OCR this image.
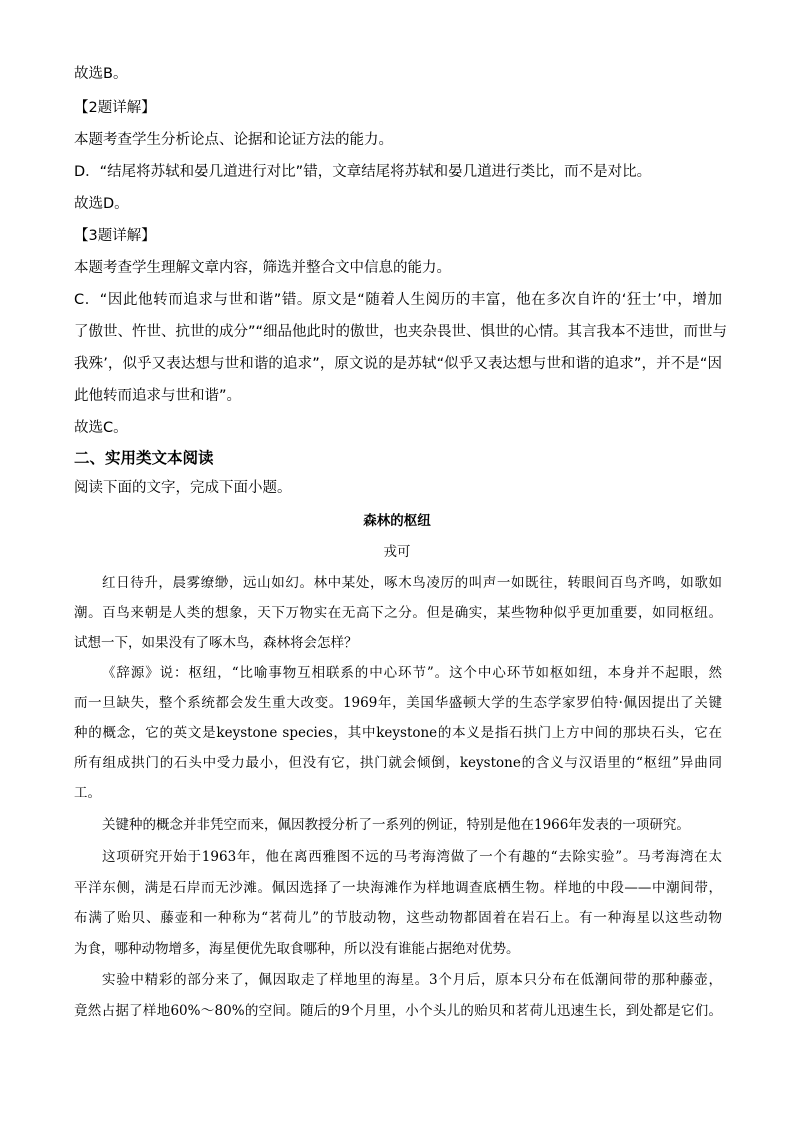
故选B。
【2题详解】
本题考查学生分析论点、论据和论证方法的能力。
D．“结尾将苏轼和晏几道进行对比”错，文章结尾将苏轼和晏几道进行类比，而不是对比。
故选D。
【3题详解】
本题考查学生理解文章内容，筛选并整合文中信息的能力。
C．“因此他转而追求与世和谐”错。原文是“随着人生阅历的丰富，他在多次自许的‘狂士’中，增加
了傲世、忤世、抗世的成分”“细品他此时的傲世，也夹杂畏世、惧世的心情。其言我本不违世，而世与
我殊’，似乎又表达想与世和谐的追求”，原文说的是苏轼“似乎又表达想与世和谐的追求”，并不是“因
此他转而追求与世和谐”。
故选C。
二、实用类文本阅读
阅读下面的文字，完成下面小题。
森林的枢纽
戎可
红日待升，晨雾缭缈，远山如幻。林中某处，啄木鸟凌厉的叫声一如既往，转眼间百鸟齐鸣，如歌如
潮。百鸟来朝是人类的想象，天下万物实在无高下之分。但是确实，某些物种似乎更加重要，如同枢纽。
试想一下，如果没有了啄木鸟，森林将会怎样？
《辞源》说：枢纽，“比喻事物互相联系的中心环节”。这个中心环节如枢如纽，本身并不起眼，然
而一旦缺失，整个系统都会发生重大改变。1969年，美国华盛顿大学的生态学家罗伯特·佩因提出了关键
种的概念，它的英文是keystone species，其中keystone的本义是指石拱门上方中间的那块石头，它在
所有组成拱门的石头中受力最小，但没有它，拱门就会倾倒，keystone的含义与汉语里的“枢纽”异曲同
工。
关键种的概念并非凭空而来，佩因教授分析了一系列的例证，特别是他在1966年发表的一项研究。
这项研究开始于1963年，他在离西雅图不远的马考海湾做了一个有趣的“去除实验”。马考海湾在太
平洋东侧，满是石岸而无沙滩。佩因选择了一块海滩作为样地调查底栖生物。样地的中段——中潮间带，
布满了贻贝、藤壶和一种称为“茗荷儿”的节肢动物，这些动物都固着在岩石上。有一种海星以这些动物
为食，哪种动物增多，海星便优先取食哪种，所以没有谁能占据绝对优势。
实验中精彩的部分来了，佩因取走了样地里的海星。3个月后，原本只分布在低潮间带的那种藤壶，
竟然占据了样地60%～80%的空间。随后的9个月里，小个头儿的贻贝和茗荷儿迅速生长，到处都是它们。
